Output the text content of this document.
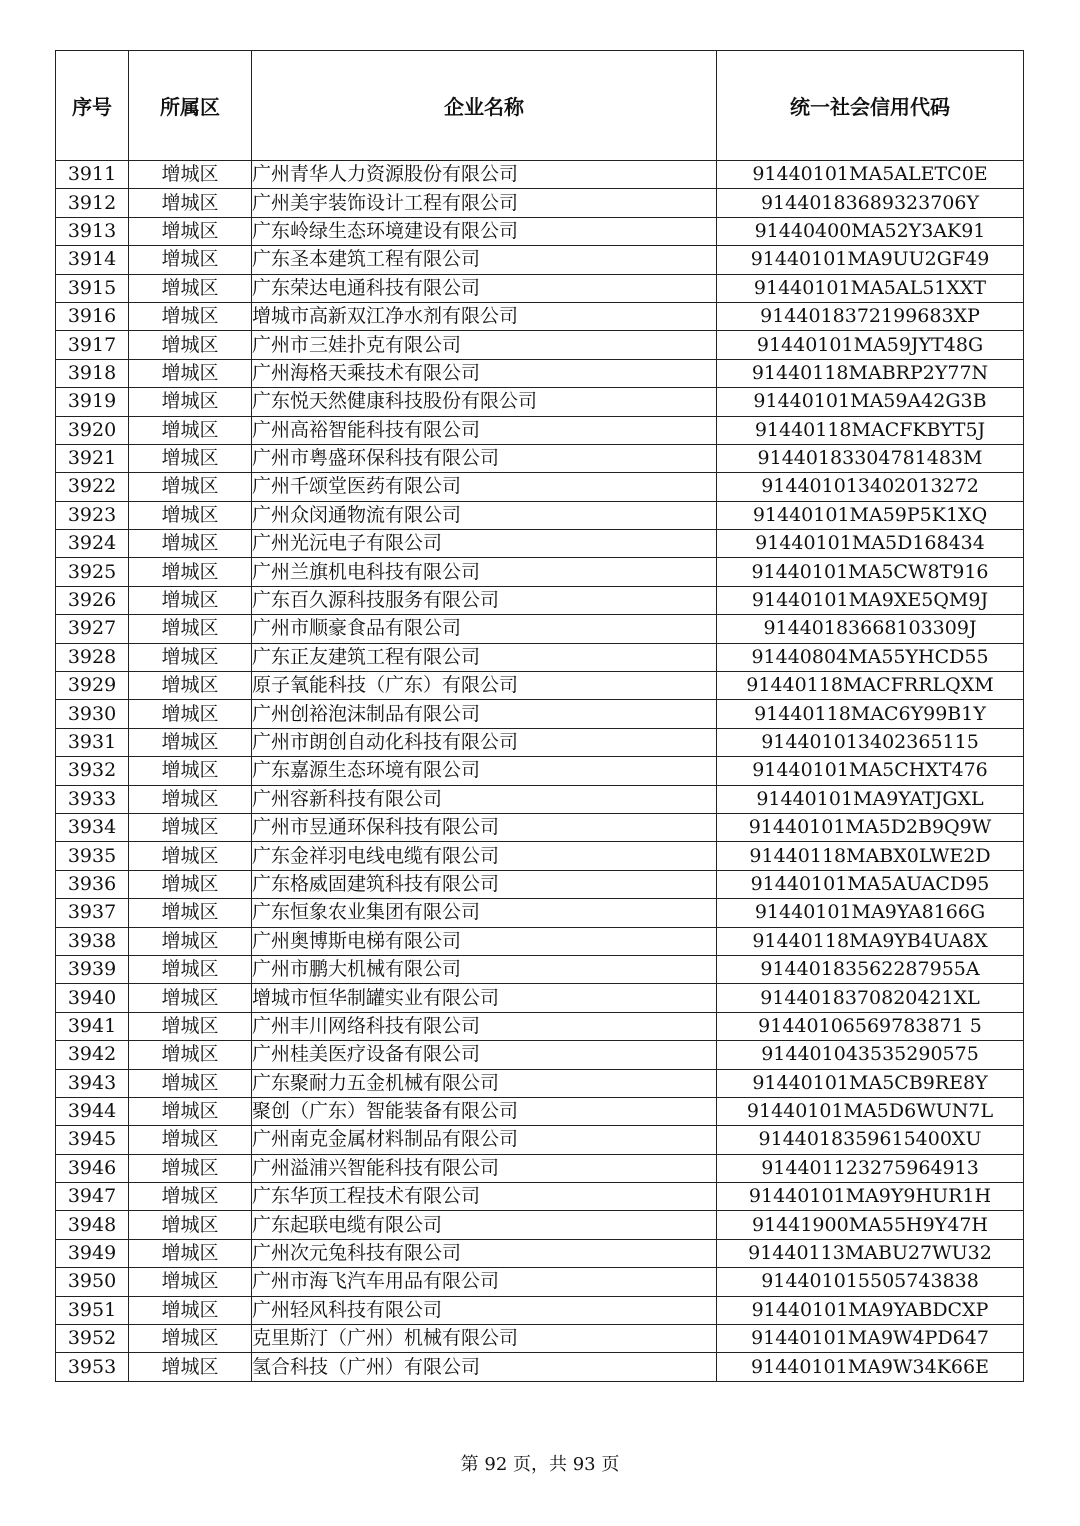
序号	所属区	企业名称	统一社会信用代码
3911	增城区	广州青华人力资源股份有限公司	91440101MA5ALETC0E
3912	增城区	广州美宇装饰设计工程有限公司	91440183689323706Y
3913	增城区	广东岭绿生态环境建设有限公司	91440400MA52Y3AK91
3914	增城区	广东圣本建筑工程有限公司	91440101MA9UU2GF49
3915	增城区	广东荣达电通科技有限公司	91440101MA5AL51XXT
3916	增城区	增城市高新双江净水剂有限公司	9144018372199683XP
3917	增城区	广州市三娃扑克有限公司	91440101MA59JYT48G
3918	增城区	广州海格天乘技术有限公司	91440118MABRP2Y77N
3919	增城区	广东悦天然健康科技股份有限公司	91440101MA59A42G3B
3920	增城区	广州高裕智能科技有限公司	91440118MACFKBYT5J
3921	增城区	广州市粤盛环保科技有限公司	91440183304781483M
3922	增城区	广州千颂堂医药有限公司	914401013402013272
3923	增城区	广州众闵通物流有限公司	91440101MA59P5K1XQ
3924	增城区	广州光沅电子有限公司	91440101MA5D168434
3925	增城区	广州兰旗机电科技有限公司	91440101MA5CW8T916
3926	增城区	广东百久源科技服务有限公司	91440101MA9XE5QM9J
3927	增城区	广州市顺豪食品有限公司	91440183668103309J
3928	增城区	广东正友建筑工程有限公司	91440804MA55YHCD55
3929	增城区	原子氧能科技（广东）有限公司	91440118MACFRRLQXM
3930	增城区	广州创裕泡沫制品有限公司	91440118MAC6Y99B1Y
3931	增城区	广州市朗创自动化科技有限公司	914401013402365115
3932	增城区	广东嘉源生态环境有限公司	91440101MA5CHXT476
3933	增城区	广州容新科技有限公司	91440101MA9YATJGXL
3934	增城区	广州市昱通环保科技有限公司	91440101MA5D2B9Q9W
3935	增城区	广东金祥羽电线电缆有限公司	91440118MABX0LWE2D
3936	增城区	广东格威固建筑科技有限公司	91440101MA5AUACD95
3937	增城区	广东恒象农业集团有限公司	91440101MA9YA8166G
3938	增城区	广州奥博斯电梯有限公司	91440118MA9YB4UA8X
3939	增城区	广州市鹏大机械有限公司	91440183562287955A
3940	增城区	增城市恒华制罐实业有限公司	9144018370820421XL
3941	增城区	广州丰川网络科技有限公司	91440106569783871 5
3942	增城区	广州桂美医疗设备有限公司	914401043535290575
3943	增城区	广东聚耐力五金机械有限公司	91440101MA5CB9RE8Y
3944	增城区	聚创（广东）智能装备有限公司	91440101MA5D6WUN7L
3945	增城区	广州南克金属材料制品有限公司	9144018359615400XU
3946	增城区	广州溢浦兴智能科技有限公司	914401123275964913
3947	增城区	广东华顶工程技术有限公司	91440101MA9Y9HUR1H
3948	增城区	广东起联电缆有限公司	91441900MA55H9Y47H
3949	增城区	广州次元兔科技有限公司	91440113MABU27WU32
3950	增城区	广州市海飞汽车用品有限公司	914401015505743838
3951	增城区	广州轻风科技有限公司	91440101MA9YABDCXP
3952	增城区	克里斯汀（广州）机械有限公司	91440101MA9W4PD647
3953	增城区	氢合科技（广州）有限公司	91440101MA9W34K66E
第 92 页，共 93 页
